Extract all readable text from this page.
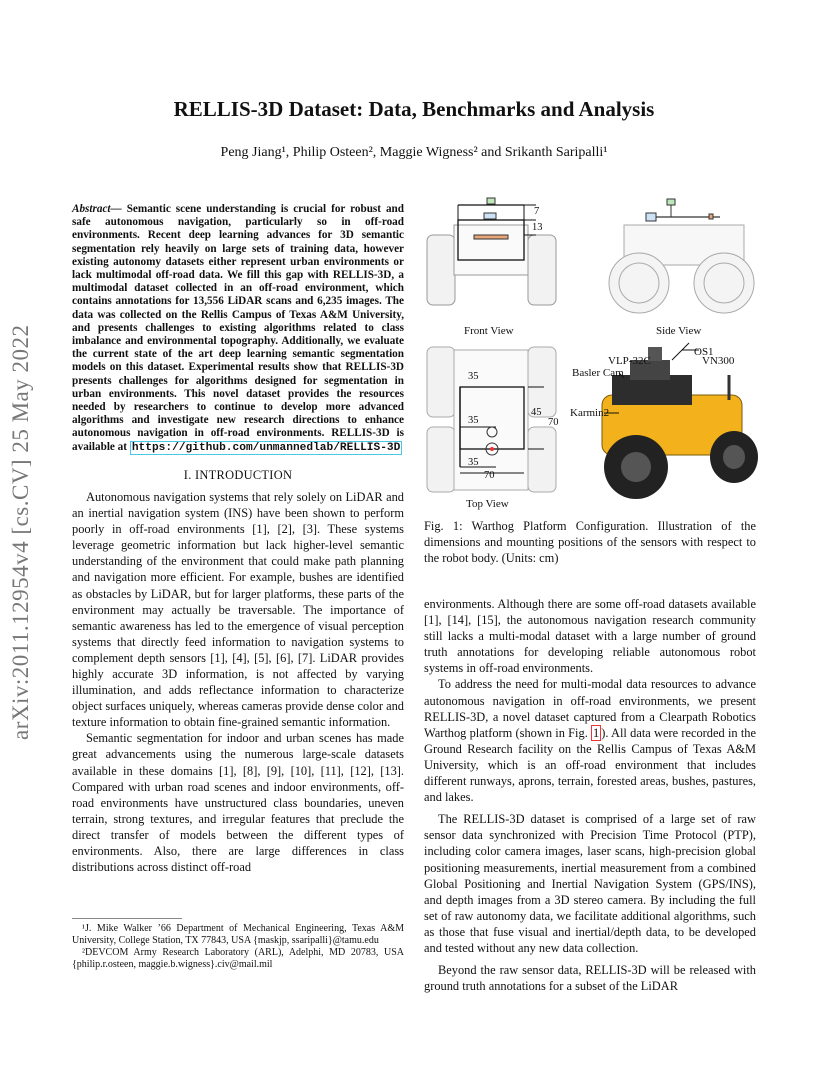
arXiv:2011.12954v4 [cs.CV] 25 May 2022
RELLIS-3D Dataset: Data, Benchmarks and Analysis
Peng Jiang¹, Philip Osteen², Maggie Wigness² and Srikanth Saripalli¹
Abstract— Semantic scene understanding is crucial for robust and safe autonomous navigation, particularly so in off-road environments. Recent deep learning advances for 3D semantic segmentation rely heavily on large sets of training data, however existing autonomy datasets either represent urban environments or lack multimodal off-road data. We fill this gap with RELLIS-3D, a multimodal dataset collected in an off-road environment, which contains annotations for 13,556 LiDAR scans and 6,235 images. The data was collected on the Rellis Campus of Texas A&M University, and presents challenges to existing algorithms related to class imbalance and environmental topography. Additionally, we evaluate the current state of the art deep learning semantic segmentation models on this dataset. Experimental results show that RELLIS-3D presents challenges for algorithms designed for segmentation in urban environments. This novel dataset provides the resources needed by researchers to continue to develop more advanced algorithms and investigate new research directions to enhance autonomous navigation in off-road environments. RELLIS-3D is available at https://github.com/unmannedlab/RELLIS-3D
I. INTRODUCTION

Autonomous navigation systems that rely solely on LiDAR and an inertial navigation system (INS) have been shown to perform poorly in off-road environments [1], [2], [3]. These systems leverage geometric information but lack higher-level semantic understanding of the environment that could make path planning and navigation more efficient. For example, bushes are identified as obstacles by LiDAR, but for larger platforms, these parts of the environment may actually be traversable. The importance of semantic awareness has led to the emergence of visual perception systems that directly feed information to navigation systems to complement depth sensors [1], [4], [5], [6], [7]. LiDAR provides highly accurate 3D information, is not affected by varying illumination, and adds reflectance information to characterize object surfaces uniquely, whereas cameras provide dense color and texture information to obtain fine-grained semantic information.

Semantic segmentation for indoor and urban scenes has made great advancements using the numerous large-scale datasets available in these domains [1], [8], [9], [10], [11], [12], [13]. Compared with urban road scenes and indoor environments, off-road environments have unstructured class boundaries, uneven terrain, strong textures, and irregular features that preclude the direct transfer of models between the different types of environments. Also, there are large differences in class distributions across distinct off-road

¹J. Mike Walker ’66 Department of Mechanical Engineering, Texas A&M University, College Station, TX 77843, USA {maskjp, ssaripalli}@tamu.edu

²DEVCOM Army Research Laboratory (ARL), Adelphi, MD 20783, USA {philip.r.osteen, maggie.b.wigness}.civ@mail.mil

7
13
Front View	Side View
Top View
35
35
35
45
70
70
OS1
VLP-32C	VN300
Basler Cam
Karmin2
Fig. 1: Warthog Platform Configuration. Illustration of the dimensions and mounting positions of the sensors with respect to the robot body. (Units: cm)

environments. Although there are some off-road datasets available [1], [14], [15], the autonomous navigation research community still lacks a multi-modal dataset with a large number of ground truth annotations for developing reliable autonomous robot systems in off-road environments.

To address the need for multi-modal data resources to advance autonomous navigation in off-road environments, we present RELLIS-3D, a novel dataset captured from a Clearpath Robotics Warthog platform (shown in Fig. 1 ). All data were recorded in the Ground Research facility on the Rellis Campus of Texas A&M University, which is an off-road environment that includes different runways, aprons, terrain, forested areas, bushes, pastures, and lakes.

The RELLIS-3D dataset is comprised of a large set of raw sensor data synchronized with Precision Time Protocol (PTP), including color camera images, laser scans, high-precision global positioning measurements, inertial measurement from a combined Global Positioning and Inertial Navigation System (GPS/INS), and depth images from a 3D stereo camera. By including the full set of raw autonomy data, we facilitate additional algorithms, such as those that fuse visual and inertial/depth data, to be developed and tested without any new data collection.

Beyond the raw sensor data, RELLIS-3D will be released with ground truth annotations for a subset of the LiDAR
